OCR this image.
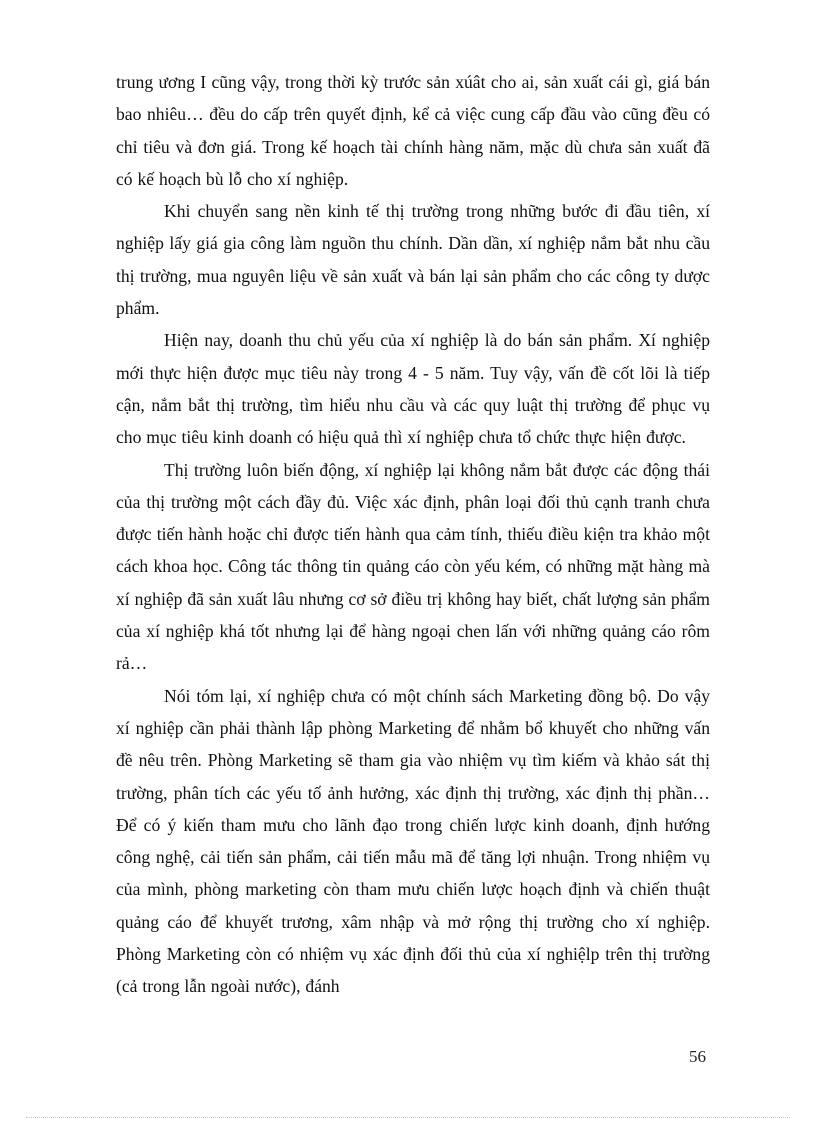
trung ương I cũng vậy, trong thời kỳ trước sản xúât cho ai, sản xuất cái gì, giá bán bao nhiêu… đều do cấp trên quyết định, kể cả việc cung cấp đầu vào cũng đều có chỉ tiêu và đơn giá. Trong kế hoạch tài chính hàng năm, mặc dù chưa sản xuất đã có kế hoạch bù lỗ cho xí nghiệp.

Khi chuyển sang nền kinh tế thị trường trong những bước đi đầu tiên, xí nghiệp lấy giá gia công làm nguồn thu chính. Dần dần, xí nghiệp nắm bắt nhu cầu thị trường, mua nguyên liệu về sản xuất và bán lại sản phẩm cho các công ty dược phẩm.

Hiện nay, doanh thu chủ yếu của xí nghiệp là do bán sản phẩm. Xí nghiệp mới thực hiện được mục tiêu này trong 4 - 5 năm. Tuy vậy, vấn đề cốt lõi là tiếp cận, nắm bắt thị trường, tìm hiểu nhu cầu và các quy luật thị trường để phục vụ cho mục tiêu kinh doanh có hiệu quả thì xí nghiệp chưa tổ chức thực hiện được.

Thị trường luôn biến động, xí nghiệp lại không nắm bắt được các động thái của thị trường một cách đầy đủ. Việc xác định, phân loại đối thủ cạnh tranh chưa được tiến hành hoặc chỉ được tiến hành qua cảm tính, thiếu điều kiện tra khảo một cách khoa học. Công tác thông tin quảng cáo còn yếu kém, có những mặt hàng mà xí nghiệp đã sản xuất lâu nhưng cơ sở điều trị không hay biết, chất lượng sản phẩm của xí nghiệp khá tốt nhưng lại để hàng ngoại chen lấn với những quảng cáo rôm rả…

Nói tóm lại, xí nghiệp chưa có một chính sách Marketing đồng bộ. Do vậy xí nghiệp cần phải thành lập phòng Marketing để nhằm bổ khuyết cho những vấn đề nêu trên. Phòng Marketing sẽ tham gia vào nhiệm vụ tìm kiếm và khảo sát thị trường, phân tích các yếu tố ảnh hưởng, xác định thị trường, xác định thị phần… Để có ý kiến tham mưu cho lãnh đạo trong chiến lược kinh doanh, định hướng công nghệ, cải tiến sản phẩm, cải tiến mẫu mã để tăng lợi nhuận. Trong nhiệm vụ của mình, phòng marketing còn tham mưu chiến lược hoạch định và chiến thuật quảng cáo để khuyết trương, xâm nhập và mở rộng thị trường cho xí nghiệp. Phòng Marketing còn có nhiệm vụ xác định đối thủ của xí nghiệlp trên thị trường (cả trong lẫn ngoài nước), đánh

56
